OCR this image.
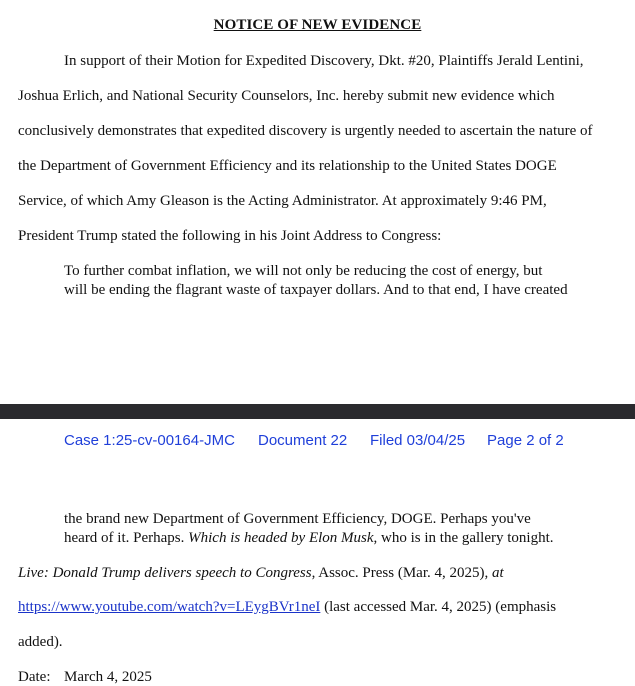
NOTICE OF NEW EVIDENCE
In support of their Motion for Expedited Discovery, Dkt. #20, Plaintiffs Jerald Lentini,
Joshua Erlich, and National Security Counselors, Inc. hereby submit new evidence which
conclusively demonstrates that expedited discovery is urgently needed to ascertain the nature of
the Department of Government Efficiency and its relationship to the United States DOGE
Service, of which Amy Gleason is the Acting Administrator. At approximately 9:46 PM,
President Trump stated the following in his Joint Address to Congress:
To further combat inflation, we will not only be reducing the cost of energy, but
will be ending the flagrant waste of taxpayer dollars. And to that end, I have created
Case 1:25-cv-00164-JMC Document 22 Filed 03/04/25 Page 2 of 2
the brand new Department of Government Efficiency, DOGE. Perhaps you've
heard of it. Perhaps. Which is headed by Elon Musk, who is in the gallery tonight.
Live: Donald Trump delivers speech to Congress, Assoc. Press (Mar. 4, 2025), at
https://www.youtube.com/watch?v=LEygBVr1neI (last accessed Mar. 4, 2025) (emphasis
added).
Date: March 4, 2025
